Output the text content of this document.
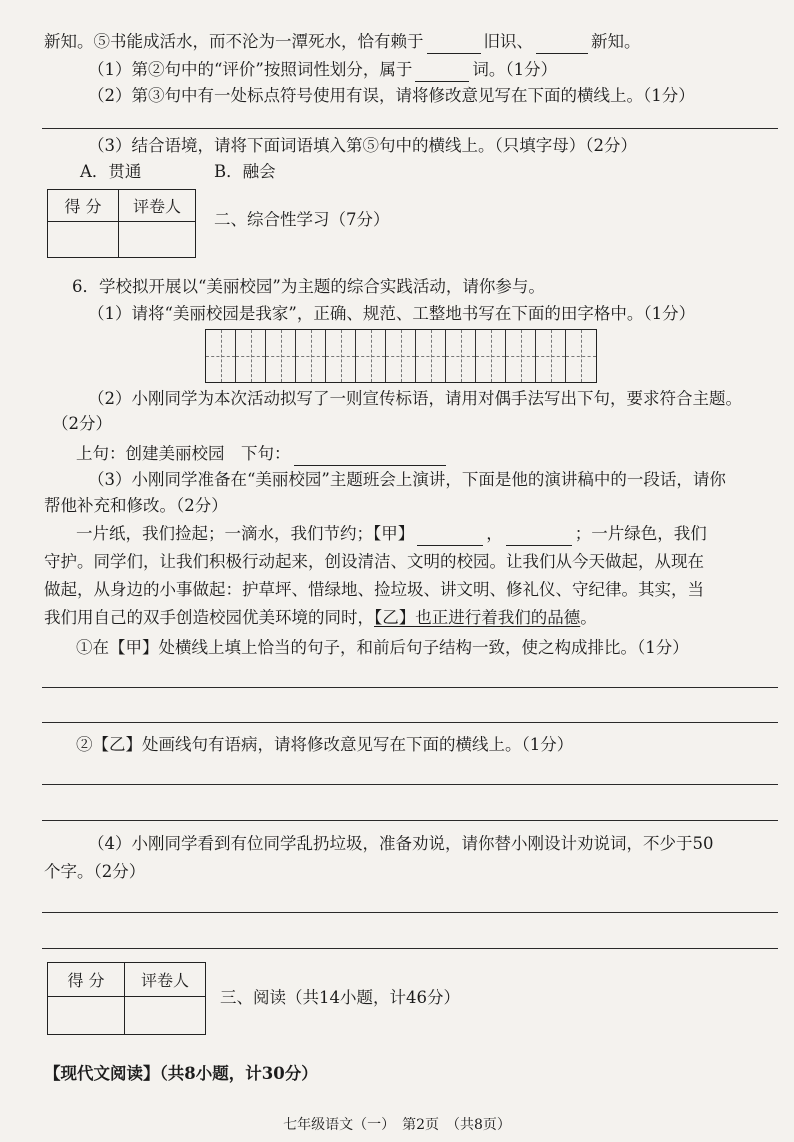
新知。⑤书能成活水，而不沦为一潭死水，恰有赖于	旧识、	新知。
（1）第②句中的“评价”按照词性划分，属于	词。（1分）
（2）第③句中有一处标点符号使用有误，请将修改意见写在下面的横线上。（1分）
（3）结合语境，请将下面词语填入第⑤句中的横线上。（只填字母）（2分）
A．贯通	B．融会
得 分	评卷人

二、综合性学习（7分）
6．学校拟开展以“美丽校园”为主题的综合实践活动，请你参与。
（1）请将“美丽校园是我家”，正确、规范、工整地书写在下面的田字格中。（1分）
（2）小刚同学为本次活动拟写了一则宣传标语，请用对偶手法写出下句，要求符合主题。
（2分）
上句：创建美丽校园　下句：
（3）小刚同学准备在“美丽校园”主题班会上演讲，下面是他的演讲稿中的一段话，请你
帮他补充和修改。（2分）
一片纸，我们捡起；一滴水，我们节约；【甲】	，	；一片绿色，我们
守护。同学们，让我们积极行动起来，创设清洁、文明的校园。让我们从今天做起，从现在
做起，从身边的小事做起：护草坪、惜绿地、捡垃圾、讲文明、修礼仪、守纪律。其实，当
我们用自己的双手创造校园优美环境的同时，【乙】也正进行着我们的品德。
①在【甲】处横线上填上恰当的句子，和前后句子结构一致，使之构成排比。（1分）
②【乙】处画线句有语病，请将修改意见写在下面的横线上。（1分）
（4）小刚同学看到有位同学乱扔垃圾，准备劝说，请你替小刚设计劝说词，不少于50
个字。（2分）
得 分	评卷人

三、阅读（共14小题，计46分）
【现代文阅读】（共8小题，计30分）
七年级语文（一）　第2页　（共8页）
